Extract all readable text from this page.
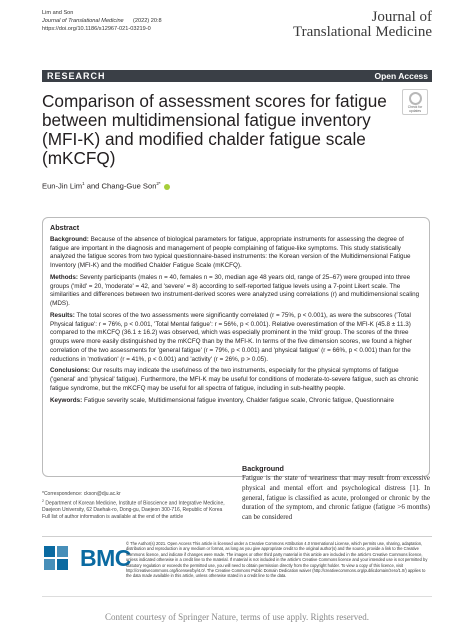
Lim and Son
Journal of Translational Medicine (2022) 20:8
https://doi.org/10.1186/s12967-021-03219-0
Journal of
Translational Medicine
RESEARCH	Open Access
Comparison of assessment scores for fatigue between multidimensional fatigue inventory (MFI-K) and modified chalder fatigue scale (mKCFQ)
Check for updates
Eun-Jin Lim$^1$ and Chang-Gue Son$^{2*}$
Abstract
Background: Because of the absence of biological parameters for fatigue, appropriate instruments for assessing the degree of fatigue are important in the diagnosis and management of people complaining of fatigue-like symptoms. This study statistically analyzed the fatigue scores from two typical questionnaire-based instruments: the Korean version of the Multidimensional Fatigue Inventory (MFI-K) and the modified Chalder Fatigue Scale (mKCFQ).
Methods: Seventy participants (males n = 40, females n = 30, median age 48 years old, range of 25–67) were grouped into three groups ('mild' = 20, 'moderate' = 42, and 'severe' = 8) according to self-reported fatigue levels using a 7-point Likert scale. The similarities and differences between two instrument-derived scores were analyzed using correlations (r) and multidimensional scaling (MDS).
Results: The total scores of the two assessments were significantly correlated (r = 75%, p < 0.001), as were the subscores ('Total Physical fatigue': r = 76%, p < 0.001, 'Total Mental fatigue': r = 56%, p < 0.001). Relative overestimation of the MFI-K (45.8 ± 11.3) compared to the mKCFQ (36.1 ± 16.2) was observed, which was especially prominent in the 'mild' group. The scores of the three groups were more easily distinguished by the mKCFQ than by the MFI-K. In terms of the five dimension scores, we found a higher correlation of the two assessments for 'general fatigue' (r = 79%, p < 0.001) and 'physical fatigue' (r = 66%, p < 0.001) than for the reductions in 'motivation' (r = 41%, p < 0.001) and 'activity' (r = 26%, p > 0.05).
Conclusions: Our results may indicate the usefulness of the two instruments, especially for the physical symptoms of fatigue ('general' and 'physical' fatigue). Furthermore, the MFI-K may be useful for conditions of moderate-to-severe fatigue, such as chronic fatigue syndrome, but the mKCFQ may be useful for all spectra of fatigue, including in sub-healthy people.
Keywords: Fatigue severity scale, Multidimensional fatigue inventory, Chalder fatigue scale, Chronic fatigue, Questionnaire
Background
Fatigue is the state of weariness that may result from excessive physical and mental effort and psychological distress [1]. In general, fatigue is classified as acute, prolonged or chronic by the duration of the symptom, and chronic fatigue (fatigue >6 months) can be considered
*Correspondence: ckson@dju.ac.kr
$^2$ Department of Korean Medicine, Institute of Bioscience and Integrative Medicine, Daejeon University, 62 Daehak-ro, Dong-gu, Daejeon 300-716, Republic of Korea
Full list of author information is available at the end of the article
BMC
© The Author(s) 2021. Open Access This article is licensed under a Creative Commons Attribution 4.0 International License, which permits use, sharing, adaptation, distribution and reproduction in any medium or format, as long as you give appropriate credit to the original author(s) and the source, provide a link to the Creative Commons licence, and indicate if changes were made. The images or other third party material in this article are included in the article's Creative Commons licence, unless indicated otherwise in a credit line to the material. If material is not included in the article's Creative Commons licence and your intended use is not permitted by statutory regulation or exceeds the permitted use, you will need to obtain permission directly from the copyright holder. To view a copy of this licence, visit http://creativecommons.org/licenses/by/4.0/. The Creative Commons Public Domain Dedication waiver (http://creativecommons.org/publicdomain/zero/1.0/) applies to the data made available in this article, unless otherwise stated in a credit line to the data.
Content courtesy of Springer Nature, terms of use apply. Rights reserved.
